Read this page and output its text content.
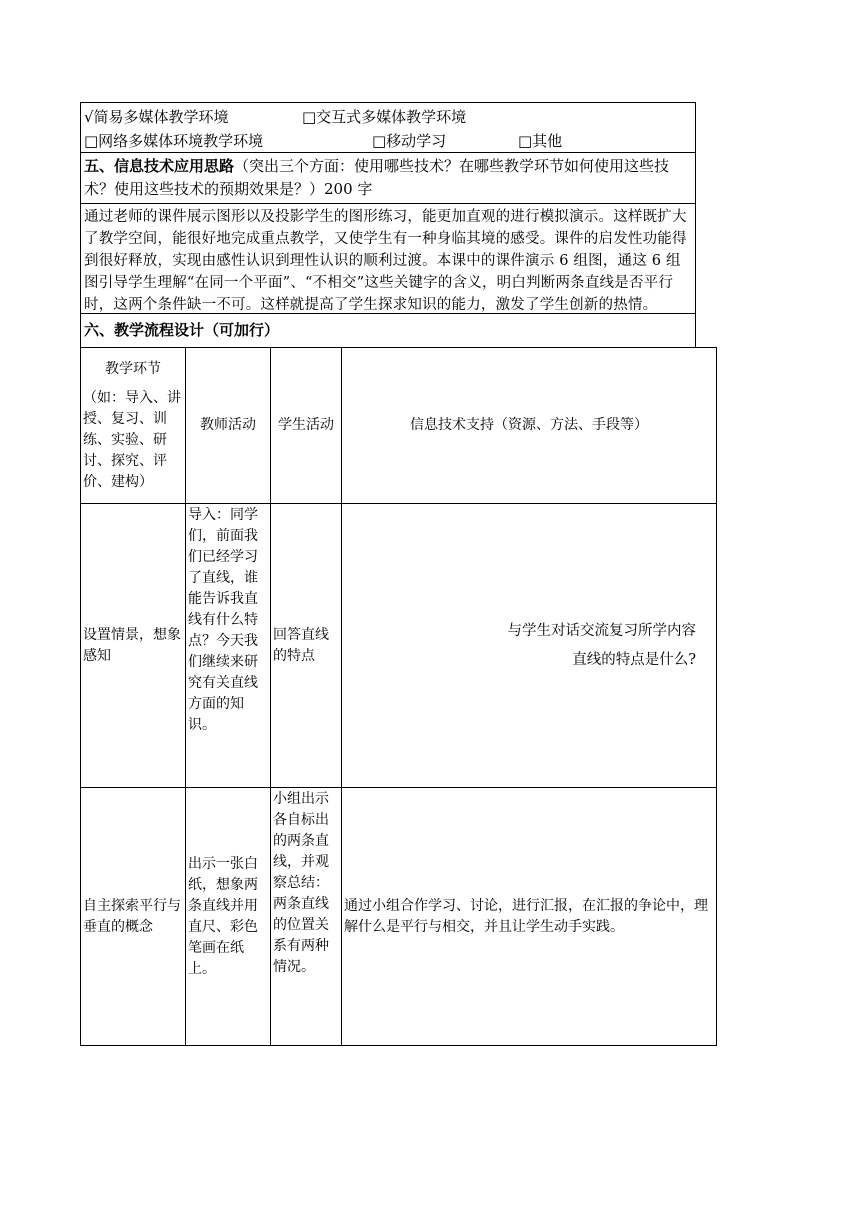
√简易多媒体教学环境	□交互式多媒体教学环境□网络多媒体环境教学环境	□移动学习	□其他
五、信息技术应用思路（突出三个方面：使用哪些技术？在哪些教学环节如何使用这些技术？使用这些技术的预期效果是？）200 字
通过老师的课件展示图形以及投影学生的图形练习，能更加直观的进行模拟演示。这样既扩大了教学空间，能很好地完成重点教学，又使学生有一种身临其境的感受。课件的启发性功能得到很好释放，实现由感性认识到理性认识的顺利过渡。本课中的课件演示 6 组图，通这 6 组图引导学生理解“在同一个平面”、“不相交”这些关键字的含义，明白判断两条直线是否平行时，这两个条件缺一不可。这样就提高了学生探求知识的能力，激发了学生创新的热情。
六、教学流程设计（可加行）
教学环节
（如：导入、讲授、复习、训练、实验、研讨、探究、评价、建构）	教师活动	学生活动	信息技术支持（资源、方法、手段等）
设置情景，想象感知	导入：同学们，前面我们已经学习了直线，谁能告诉我直线有什么特点？今天我们继续来研究有关直线方面的知识。	回答直线的特点	与学生对话交流复习所学内容
直线的特点是什么?

自主探索平行与垂直的概念	出示一张白纸，想象两条直线并用直尺、彩色笔画在纸上。	小组出示各自标出的两条直线，并观察总结：两条直线的位置关系有两种情况。	通过小组合作学习、讨论，进行汇报，在汇报的争论中，理解什么是平行与相交，并且让学生动手实践。
